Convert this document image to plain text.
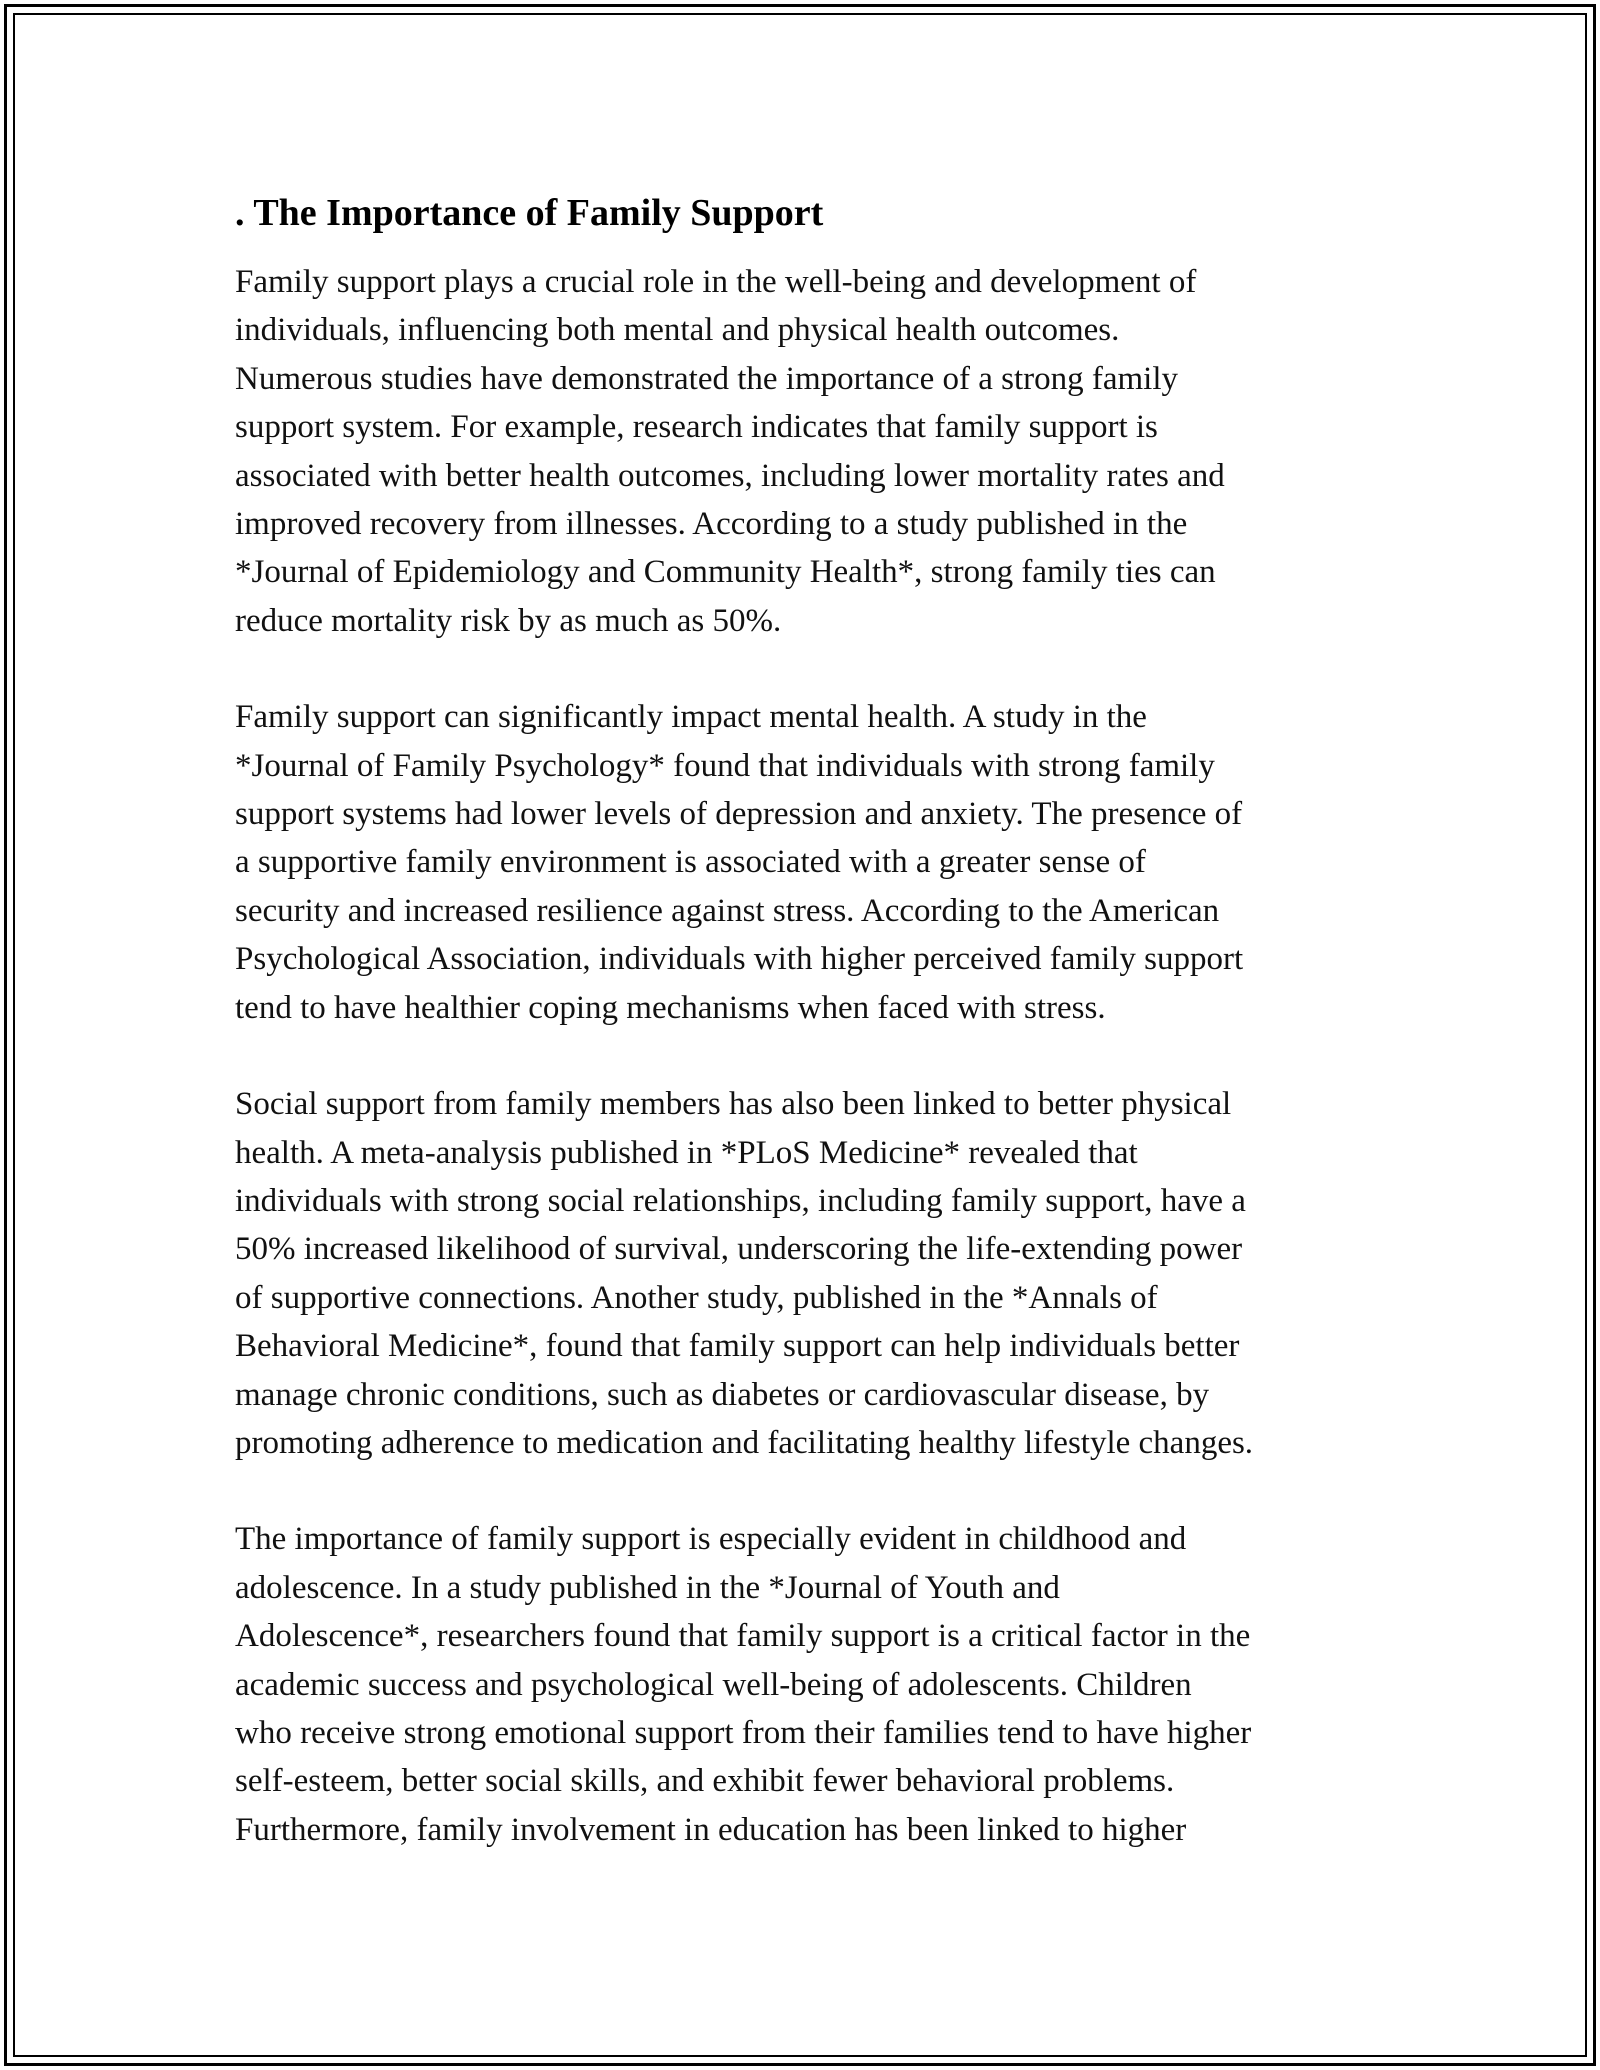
. The Importance of Family Support

Family support plays a crucial role in the well-being and development of
individuals, influencing both mental and physical health outcomes.
Numerous studies have demonstrated the importance of a strong family
support system. For example, research indicates that family support is
associated with better health outcomes, including lower mortality rates and
improved recovery from illnesses. According to a study published in the
*Journal of Epidemiology and Community Health*, strong family ties can
reduce mortality risk by as much as 50%.

Family support can significantly impact mental health. A study in the
*Journal of Family Psychology* found that individuals with strong family
support systems had lower levels of depression and anxiety. The presence of
a supportive family environment is associated with a greater sense of
security and increased resilience against stress. According to the American
Psychological Association, individuals with higher perceived family support
tend to have healthier coping mechanisms when faced with stress.

Social support from family members has also been linked to better physical
health. A meta-analysis published in *PLoS Medicine* revealed that
individuals with strong social relationships, including family support, have a
50% increased likelihood of survival, underscoring the life-extending power
of supportive connections. Another study, published in the *Annals of
Behavioral Medicine*, found that family support can help individuals better
manage chronic conditions, such as diabetes or cardiovascular disease, by
promoting adherence to medication and facilitating healthy lifestyle changes.

The importance of family support is especially evident in childhood and
adolescence. In a study published in the *Journal of Youth and
Adolescence*, researchers found that family support is a critical factor in the
academic success and psychological well-being of adolescents. Children
who receive strong emotional support from their families tend to have higher
self-esteem, better social skills, and exhibit fewer behavioral problems.
Furthermore, family involvement in education has been linked to higher
